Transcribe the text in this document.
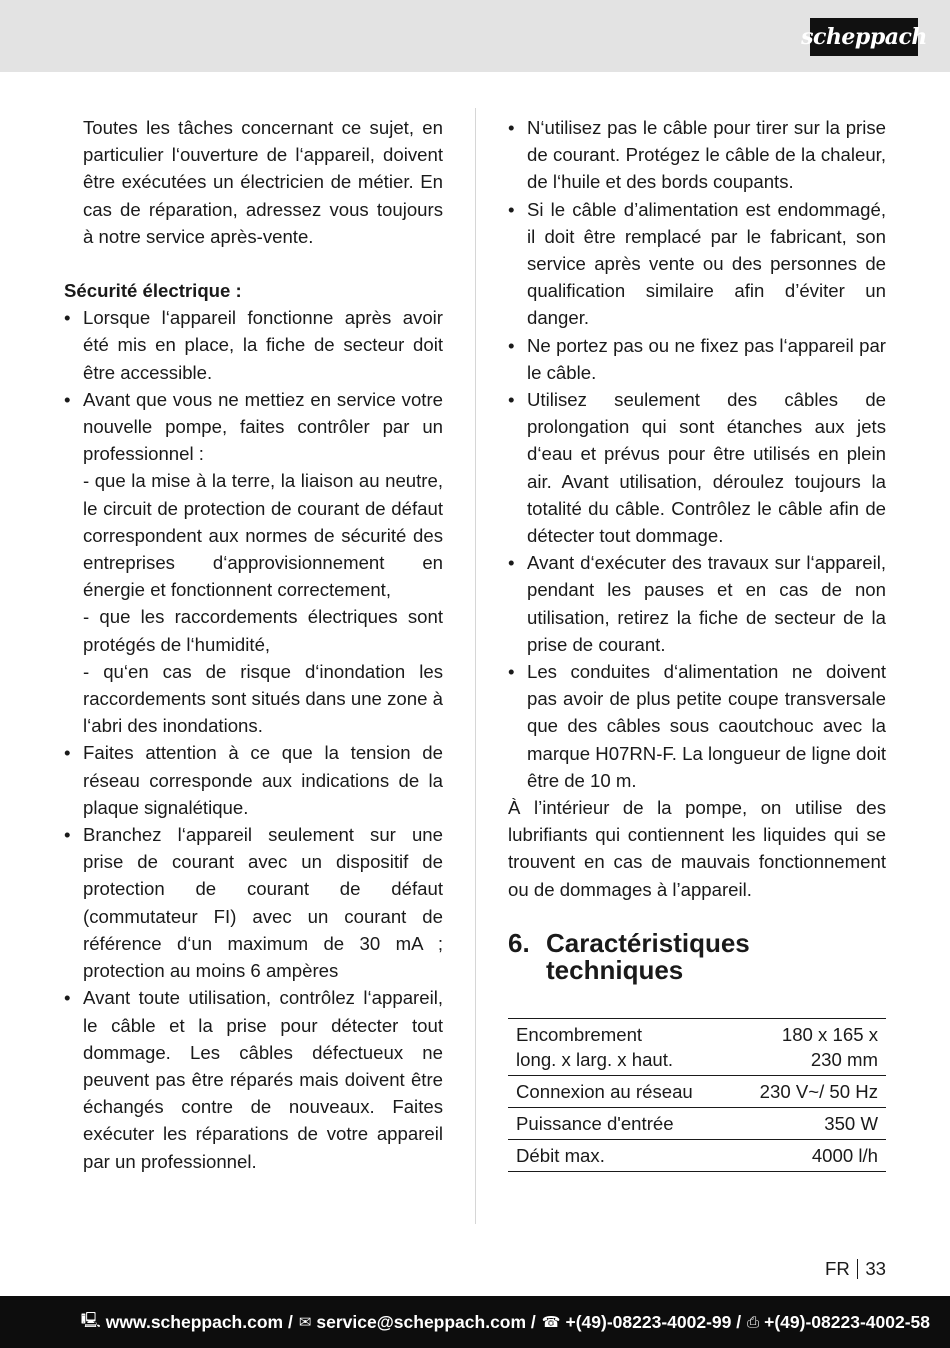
scheppach

Toutes les tâches concernant ce sujet, en particulier l‘ouverture de l‘appareil, doivent être exécutées un électricien de métier. En cas de réparation, adressez vous toujours à notre service après-vente.

Sécurité électrique :

• Lorsque l‘appareil fonctionne après avoir été mis en place, la fiche de secteur doit être accessible.
• Avant que vous ne mettiez en service votre nouvelle pompe, faites contrôler par un professionnel :
- que la mise à la terre, la liaison au neutre, le circuit de protection de courant de défaut correspondent aux normes de sécurité des entreprises d‘approvisionnement en énergie et fonctionnent correctement,
- que les raccordements électriques sont protégés de l‘humidité,
- qu‘en cas de risque d‘inondation les raccordements sont situés dans une zone à l‘abri des inondations.
• Faites attention à ce que la tension de réseau corresponde aux indications de la plaque signalétique.
• Branchez l‘appareil seulement sur une prise de courant avec un dispositif de protection de courant de défaut (commutateur FI) avec un courant de référence d‘un maximum de 30 mA ; protection au moins 6 ampères
• Avant toute utilisation, contrôlez l‘appareil, le câble et la prise pour détecter tout dommage. Les câbles défectueux ne peuvent pas être réparés mais doivent être échangés contre de nouveaux. Faites exécuter les réparations de votre appareil par un professionnel.
• N‘utilisez pas le câble pour tirer sur la prise de courant. Protégez le câble de la chaleur, de l‘huile et des bords coupants.
• Si le câble d’alimentation est endommagé, il doit être remplacé par le fabricant, son service après vente ou des personnes de qualification similaire afin d’éviter un danger.
• Ne portez pas ou ne fixez pas l‘appareil par le câble.
• Utilisez seulement des câbles de prolongation qui sont étanches aux jets d‘eau et prévus pour être utilisés en plein air. Avant utilisation, déroulez toujours la totalité du câble. Contrôlez le câble afin de détecter tout dommage.
• Avant d‘exécuter des travaux sur l‘appareil, pendant les pauses et en cas de non utilisation, retirez la fiche de secteur de la prise de courant.
• Les conduites d‘alimentation ne doivent pas avoir de plus petite coupe transversale que des câbles sous caoutchouc avec la marque H07RN-F. La longueur de ligne doit être de 10 m.

À l’intérieur de la pompe, on utilise des lubrifiants qui contiennent les liquides qui se trouvent en cas de mauvais fonctionnement ou de dommages à l’appareil.

6. Caractéristiques
techniques
Encombrement
long. x larg. x haut.	180 x 165 x
230 mm
Connexion au réseau	230 V~/ 50 Hz
Puissance d'entrée	350 W
Débit max.	4000 l/h
FR 33
🖳 www.scheppach.com / ✉ service@scheppach.com / ☎ +(49)-08223-4002-99 / ⎙ +(49)-08223-4002-58
